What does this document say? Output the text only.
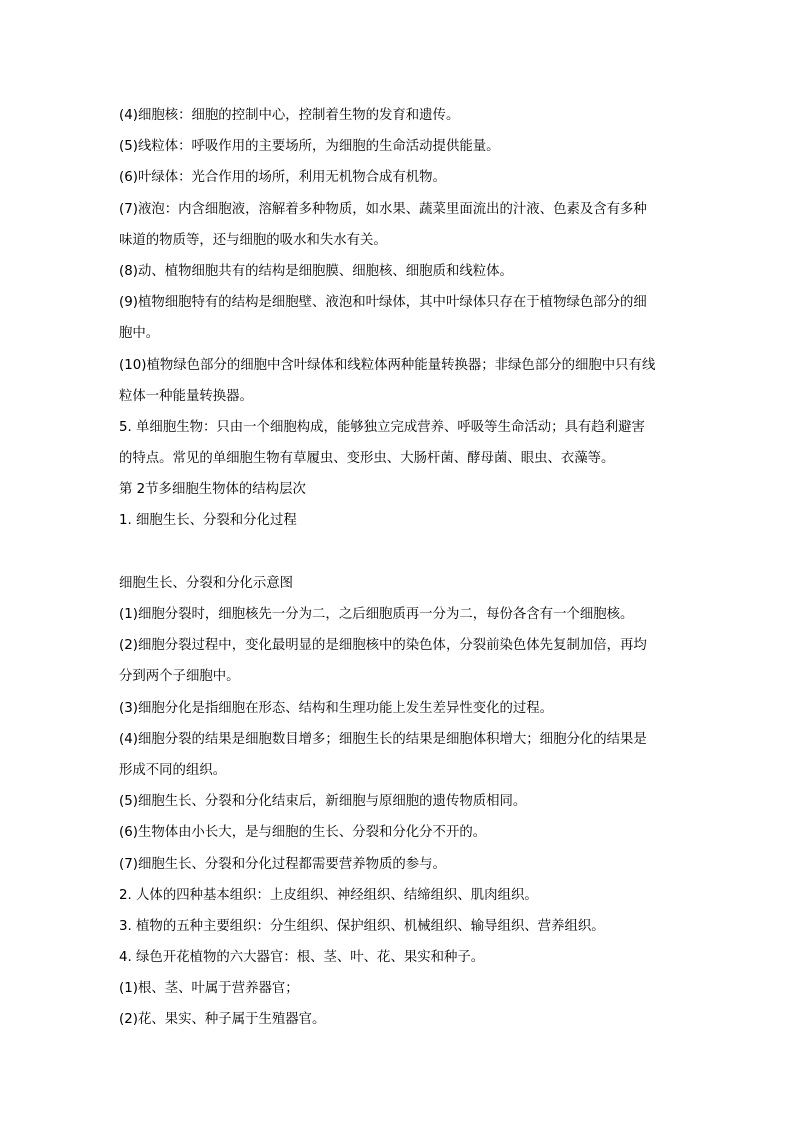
(4)细胞核：细胞的控制中心，控制着生物的发育和遗传。
(5)线粒体：呼吸作用的主要场所，为细胞的生命活动提供能量。
(6)叶绿体：光合作用的场所，利用无机物合成有机物。
(7)液泡：内含细胞液，溶解着多种物质，如水果、蔬菜里面流出的汁液、色素及含有多种
味道的物质等，还与细胞的吸水和失水有关。
(8)动、植物细胞共有的结构是细胞膜、细胞核、细胞质和线粒体。
(9)植物细胞特有的结构是细胞壁、液泡和叶绿体，其中叶绿体只存在于植物绿色部分的细
胞中。
(10)植物绿色部分的细胞中含叶绿体和线粒体两种能量转换器；非绿色部分的细胞中只有线
粒体一种能量转换器。
5. 单细胞生物：只由一个细胞构成，能够独立完成营养、呼吸等生命活动；具有趋利避害
的特点。常见的单细胞生物有草履虫、变形虫、大肠杆菌、酵母菌、眼虫、衣藻等。
第 2节多细胞生物体的结构层次
1. 细胞生长、分裂和分化过程
细胞生长、分裂和分化示意图
(1)细胞分裂时，细胞核先一分为二，之后细胞质再一分为二，每份各含有一个细胞核。
(2)细胞分裂过程中，变化最明显的是细胞核中的染色体，分裂前染色体先复制加倍，再均
分到两个子细胞中。
(3)细胞分化是指细胞在形态、结构和生理功能上发生差异性变化的过程。
(4)细胞分裂的结果是细胞数目增多；细胞生长的结果是细胞体积增大；细胞分化的结果是
形成不同的组织。
(5)细胞生长、分裂和分化结束后，新细胞与原细胞的遗传物质相同。
(6)生物体由小长大，是与细胞的生长、分裂和分化分不开的。
(7)细胞生长、分裂和分化过程都需要营养物质的参与。
2. 人体的四种基本组织：上皮组织、神经组织、结缔组织、肌肉组织。
3. 植物的五种主要组织：分生组织、保护组织、机械组织、输导组织、营养组织。
4. 绿色开花植物的六大器官：根、茎、叶、花、果实和种子。
(1)根、茎、叶属于营养器官；
(2)花、果实、种子属于生殖器官。
